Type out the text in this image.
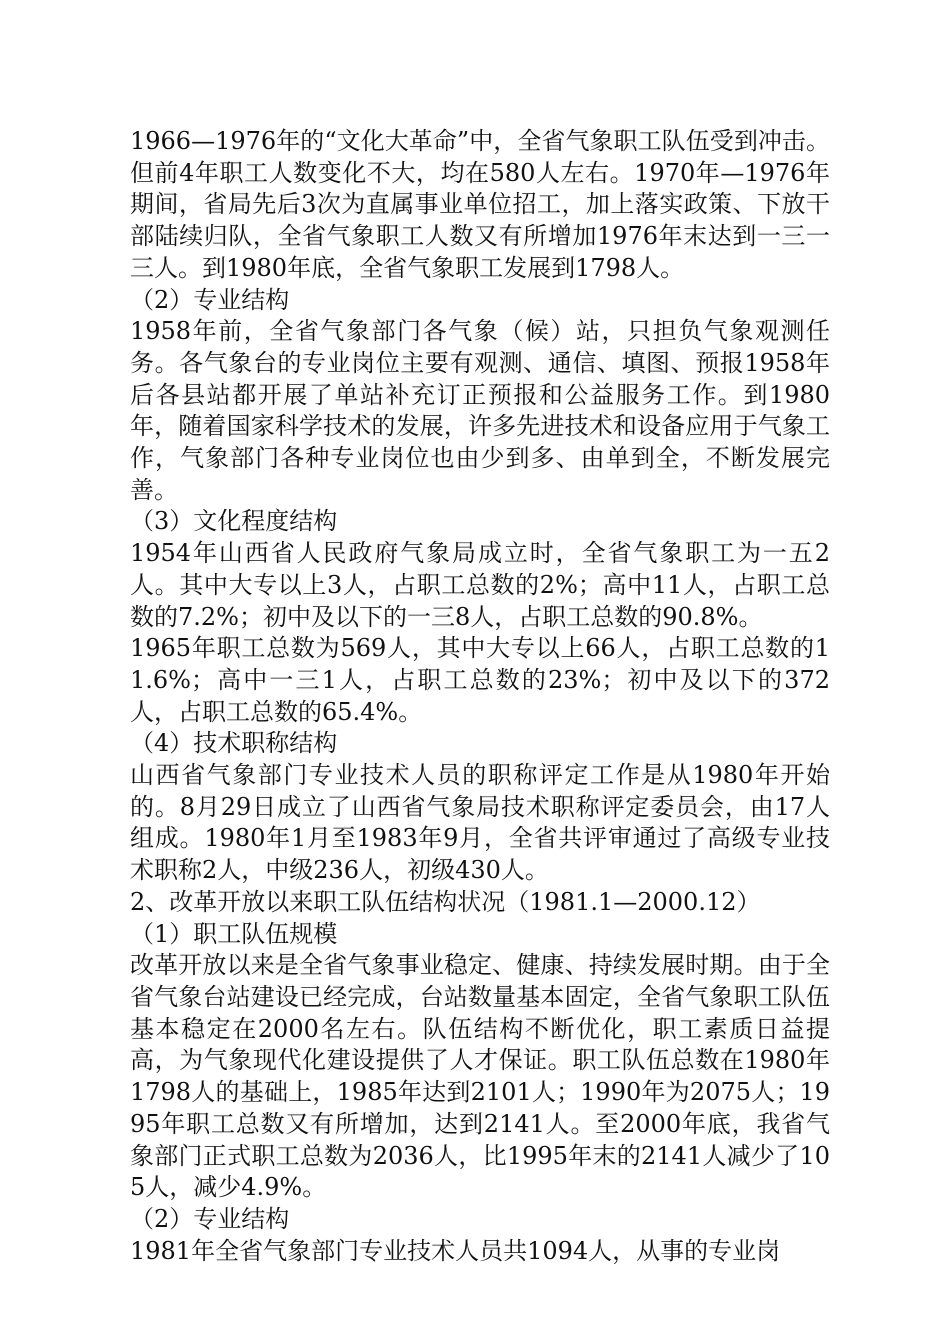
1966—1976年的“文化大革命”中，全省气象职工队伍受到冲击。但前4年职工人数变化不大，均在580人左右。1970年—1976年期间，省局先后3次为直属事业单位招工，加上落实政策、下放干部陆续归队，全省气象职工人数又有所增加1976年末达到一三一三人。到1980年底，全省气象职工发展到1798人。

（2）专业结构

1958年前，全省气象部门各气象（候）站，只担负气象观测任务。各气象台的专业岗位主要有观测、通信、填图、预报1958年后各县站都开展了单站补充订正预报和公益服务工作。到1980年，随着国家科学技术的发展，许多先进技术和设备应用于气象工作，气象部门各种专业岗位也由少到多、由单到全，不断发展完善。

（3）文化程度结构

1954年山西省人民政府气象局成立时，全省气象职工为一五2人。其中大专以上3人，占职工总数的2%；高中11人，占职工总数的7.2%；初中及以下的一三8人，占职工总数的90.8%。

1965年职工总数为569人，其中大专以上66人，占职工总数的11.6%；高中一三1人，占职工总数的23%；初中及以下的372人，占职工总数的65.4%。

（4）技术职称结构

山西省气象部门专业技术人员的职称评定工作是从1980年开始的。8月29日成立了山西省气象局技术职称评定委员会，由17人组成。1980年1月至1983年9月，全省共评审通过了高级专业技术职称2人，中级236人，初级430人。

2、改革开放以来职工队伍结构状况（1981.1—2000.12）

（1）职工队伍规模

改革开放以来是全省气象事业稳定、健康、持续发展时期。由于全省气象台站建设已经完成，台站数量基本固定，全省气象职工队伍基本稳定在2000名左右。队伍结构不断优化，职工素质日益提高，为气象现代化建设提供了人才保证。职工队伍总数在1980年1798人的基础上，1985年达到2101人；1990年为2075人；1995年职工总数又有所增加，达到2141人。至2000年底，我省气象部门正式职工总数为2036人，比1995年末的2141人减少了105人，减少4.9%。

（2）专业结构

1981年全省气象部门专业技术人员共1094人，从事的专业岗
